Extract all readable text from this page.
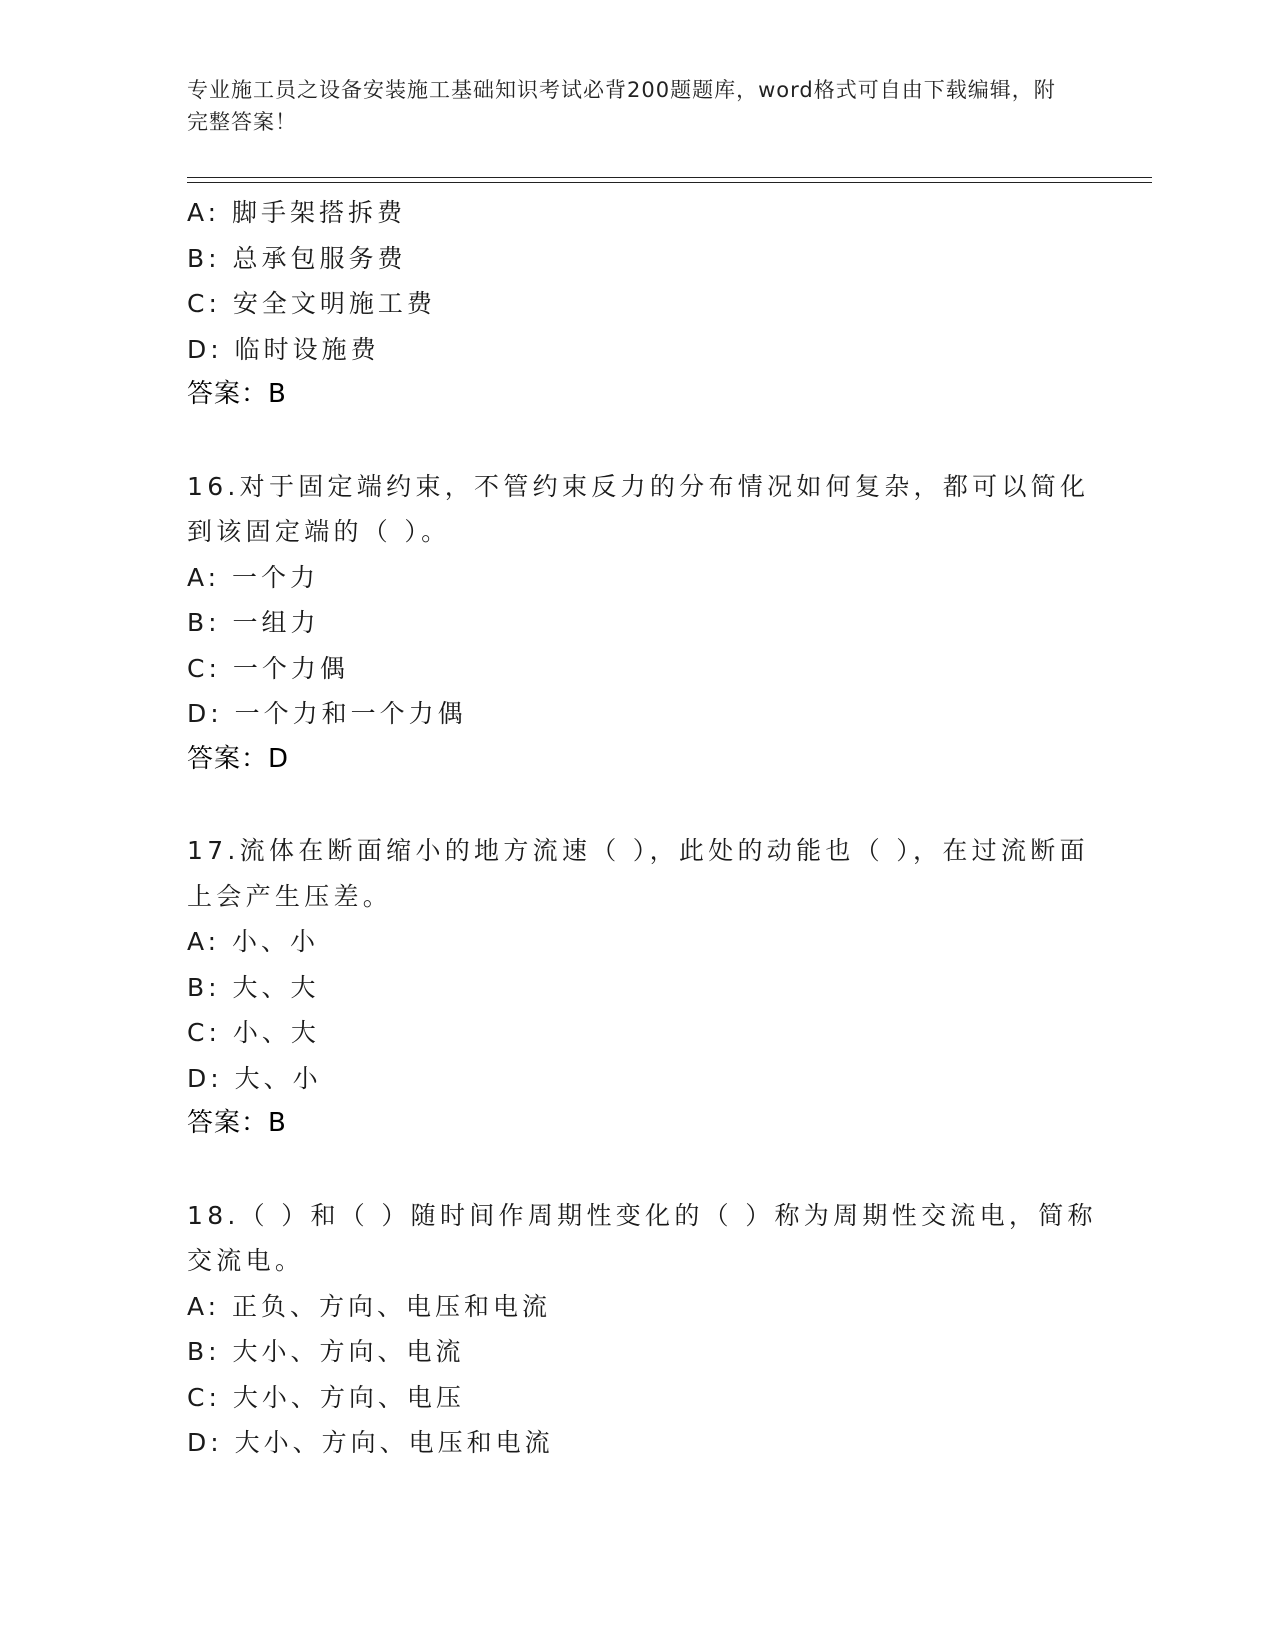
专业施工员之设备安装施工基础知识考试必背200题题库，word格式可自由下载编辑，附完整答案！
A: 脚手架搭拆费
B: 总承包服务费
C: 安全文明施工费
D: 临时设施费
答案：B
16.对于固定端约束，不管约束反力的分布情况如何复杂，都可以简化到该固定端的（ ）。
A: 一个力
B: 一组力
C: 一个力偶
D: 一个力和一个力偶
答案：D
17.流体在断面缩小的地方流速（ ），此处的动能也（ ），在过流断面上会产生压差。
A: 小、小
B: 大、大
C: 小、大
D: 大、小
答案：B
18.（ ）和（ ）随时间作周期性变化的（ ）称为周期性交流电，简称交流电。
A: 正负、方向、电压和电流
B: 大小、方向、电流
C: 大小、方向、电压
D: 大小、方向、电压和电流
